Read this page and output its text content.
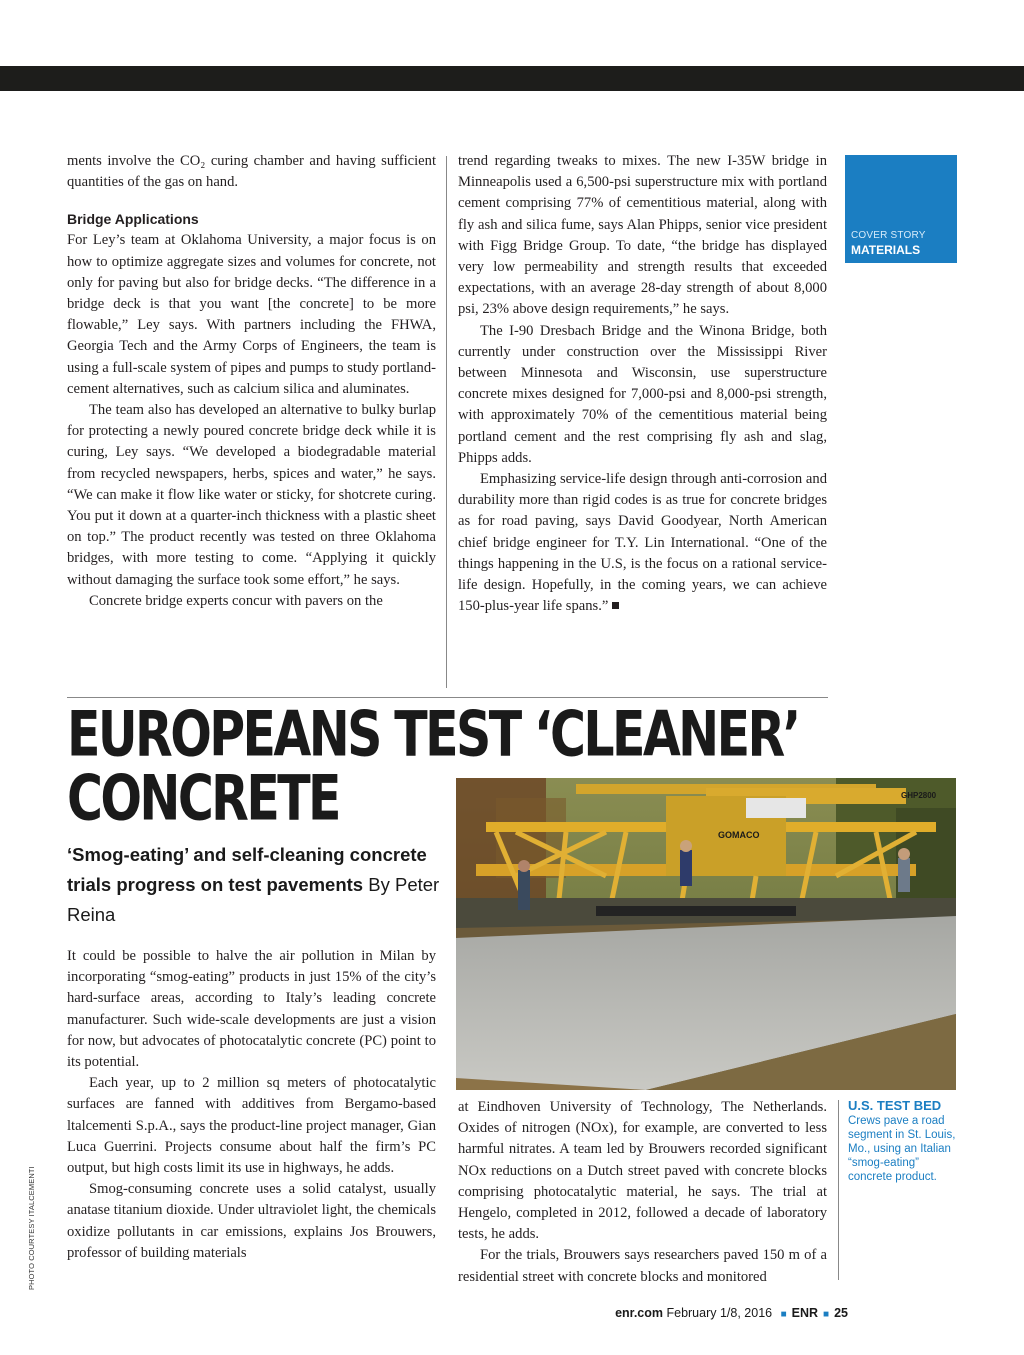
COVER STORY
MATERIALS

ments involve the CO₂ curing chamber and having sufficient quantities of the gas on hand.

Bridge Applications

For Ley’s team at Oklahoma University, a major focus is on how to optimize aggregate sizes and volumes for concrete, not only for paving but also for bridge decks. “The difference in a bridge deck is that you want [the concrete] to be more flowable,” Ley says. With partners including the FHWA, Georgia Tech and the Army Corps of Engineers, the team is using a full-scale system of pipes and pumps to study portland-cement alternatives, such as calcium silica and aluminates.

The team also has developed an alternative to bulky burlap for protecting a newly poured concrete bridge deck while it is curing, Ley says. “We developed a biodegradable material from recycled newspapers, herbs, spices and water,” he says. “We can make it flow like water or sticky, for shotcrete curing. You put it down at a quarter-inch thickness with a plastic sheet on top.” The product recently was tested on three Oklahoma bridges, with more testing to come. “Applying it quickly without damaging the surface took some effort,” he says.

Concrete bridge experts concur with pavers on the

trend regarding tweaks to mixes. The new I-35W bridge in Minneapolis used a 6,500-psi superstructure mix with portland cement comprising 77% of cementitious material, along with fly ash and silica fume, says Alan Phipps, senior vice president with Figg Bridge Group. To date, “the bridge has displayed very low permeability and strength results that exceeded expectations, with an average 28-day strength of about 8,000 psi, 23% above design requirements,” he says.

The I-90 Dresbach Bridge and the Winona Bridge, both currently under construction over the Mississippi River between Minnesota and Wisconsin, use superstructure concrete mixes designed for 7,000-psi and 8,000-psi strength, with approximately 70% of the cementitious material being portland cement and the rest comprising fly ash and slag, Phipps adds.

Emphasizing service-life design through anti-corrosion and durability more than rigid codes is as true for concrete bridges as for road paving, says David Goodyear, North American chief bridge engineer for T.Y. Lin International. “One of the things happening in the U.S, is the focus on a rational service-life design. Hopefully, in the coming years, we can achieve 150-plus-year life spans.”

EUROPEANS TEST ‘CLEANER’
CONCRETE
‘Smog-eating’ and self-cleaning concrete trials progress on test pavements By Peter Reina
GOMACO
GHP2800
U.S. TEST BED
Crews pave a road segment in St. Louis, Mo., using an Italian “smog-eating” concrete product.

It could be possible to halve the air pollution in Milan by incorporating “smog-eating” products in just 15% of the city’s hard-surface areas, according to Italy’s leading concrete manufacturer. Such wide-scale developments are just a vision for now, but advocates of photocatalytic concrete (PC) point to its potential.

Each year, up to 2 million sq meters of photocatalytic surfaces are fanned with additives from Bergamo-based ltalcementi S.p.A., says the product-line project manager, Gian Luca Guerrini. Projects consume about half the firm’s PC output, but high costs limit its use in highways, he adds.

Smog-consuming concrete uses a solid catalyst, usually anatase titanium dioxide. Under ultraviolet light, the chemicals oxidize pollutants in car emissions, explains Jos Brouwers, professor of building materials

at Eindhoven University of Technology, The Netherlands. Oxides of nitrogen (NOx), for example, are converted to less harmful nitrates. A team led by Brouwers recorded significant NOx reductions on a Dutch street paved with concrete blocks comprising photocatalytic material, he says. The trial at Hengelo, completed in 2012, followed a decade of laboratory tests, he adds.

For the trials, Brouwers says researchers paved 150 m of a residential street with concrete blocks and monitored

PHOTO COURTESY ITALCEMENTI
enr.com February 1/8, 2016 ■ ENR ■ 25
